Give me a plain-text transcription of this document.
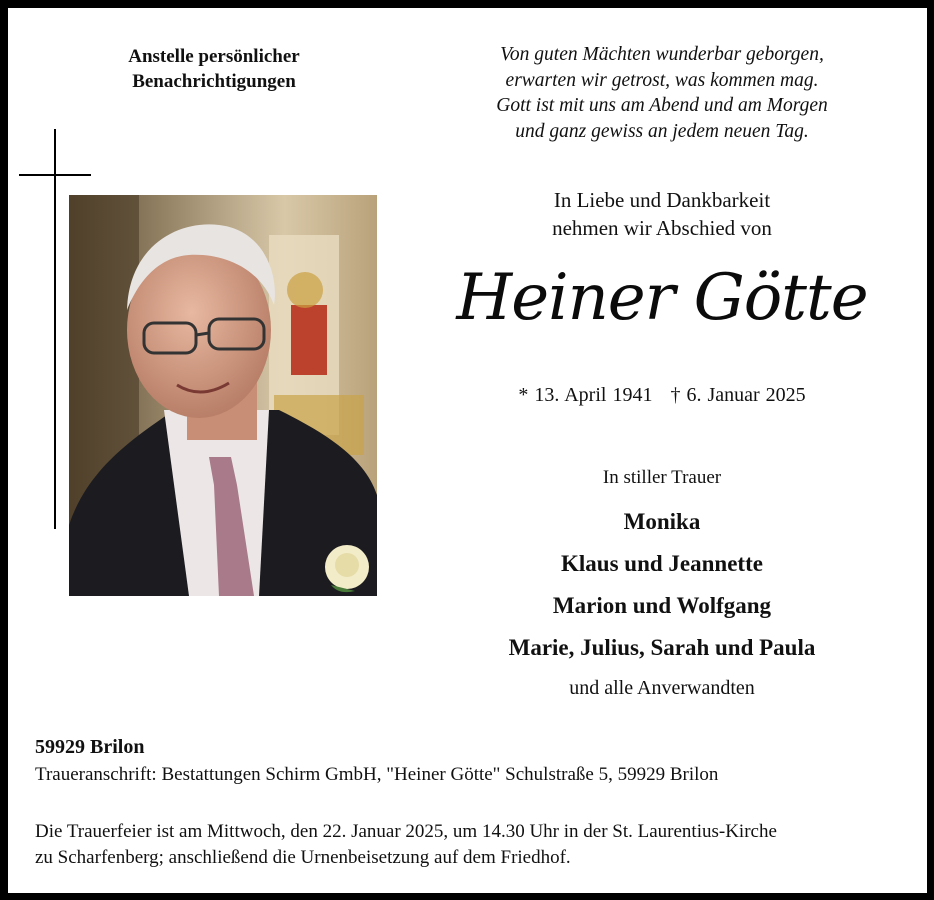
Anstelle persönlicher
Benachrichtigungen
Von guten Mächten wunderbar geborgen,
erwarten wir getrost, was kommen mag.
Gott ist mit uns am Abend und am Morgen
und ganz gewiss an jedem neuen Tag.
In Liebe und Dankbarkeit
nehmen wir Abschied von
Heiner Götte
* 13. April 1941 † 6. Januar 2025
In stiller Trauer
Monika
Klaus und Jeannette
Marion und Wolfgang
Marie, Julius, Sarah und Paula
und alle Anverwandten
59929 Brilon
Traueranschrift: Bestattungen Schirm GmbH, "Heiner Götte" Schulstraße 5, 59929 Brilon
Die Trauerfeier ist am Mittwoch, den 22. Januar 2025, um 14.30 Uhr in der St. Laurentius-Kirche
zu Scharfenberg; anschließend die Urnenbeisetzung auf dem Friedhof.
